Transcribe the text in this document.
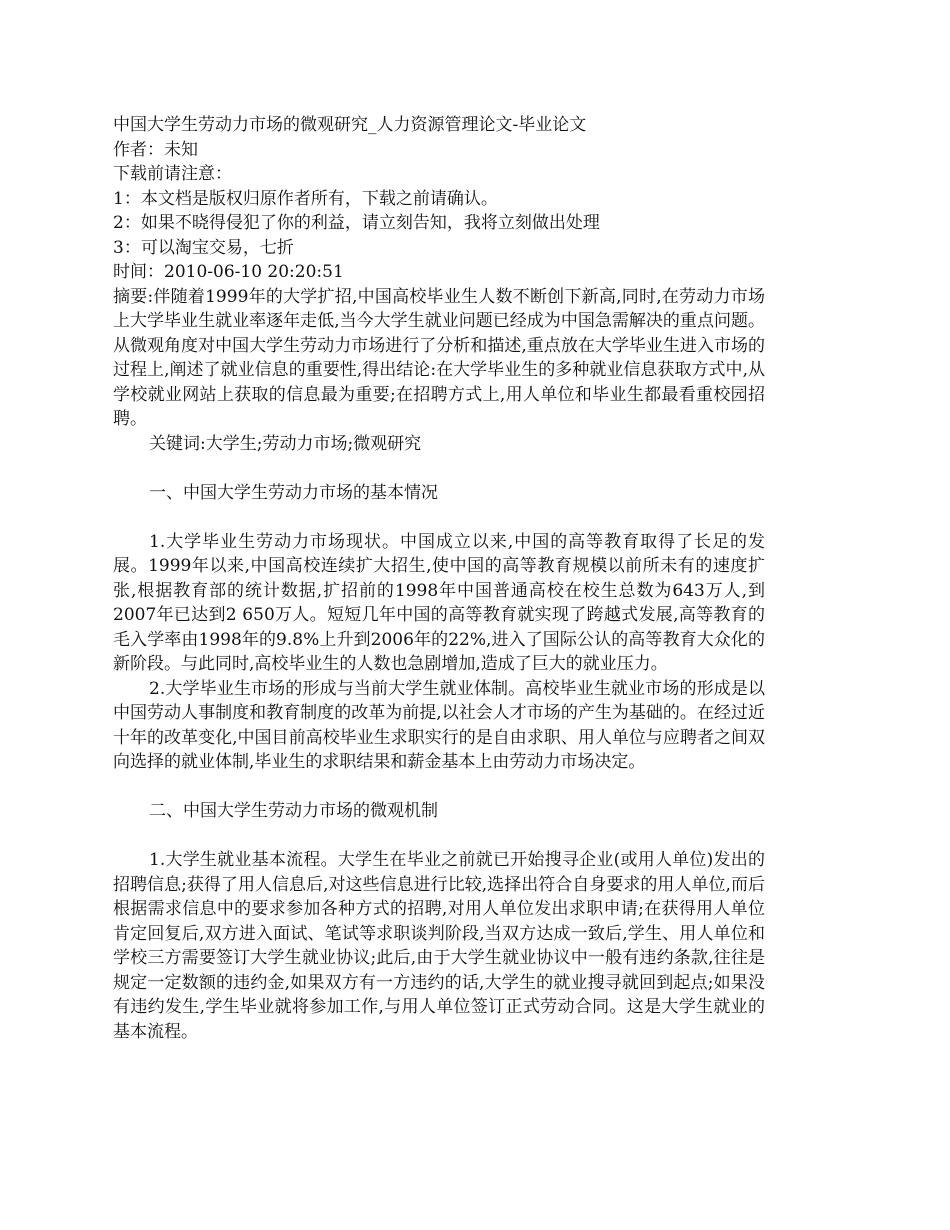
中国大学生劳动力市场的微观研究_人力资源管理论文-毕业论文
作者：未知
下载前请注意：
1：本文档是版权归原作者所有，下载之前请确认。
2：如果不晓得侵犯了你的利益，请立刻告知，我将立刻做出处理
3：可以淘宝交易，七折
时间：2010-06-10 20:20:51
摘要:伴随着1999年的大学扩招,中国高校毕业生人数不断创下新高,同时,在劳动力市场上大学毕业生就业率逐年走低,当今大学生就业问题已经成为中国急需解决的重点问题。从微观角度对中国大学生劳动力市场进行了分析和描述,重点放在大学毕业生进入市场的过程上,阐述了就业信息的重要性,得出结论:在大学毕业生的多种就业信息获取方式中,从学校就业网站上获取的信息最为重要;在招聘方式上,用人单位和毕业生都最看重校园招聘。
关键词:大学生;劳动力市场;微观研究
一、中国大学生劳动力市场的基本情况
1.大学毕业生劳动力市场现状。中国成立以来,中国的高等教育取得了长足的发展。1999年以来,中国高校连续扩大招生,使中国的高等教育规模以前所未有的速度扩张,根据教育部的统计数据,扩招前的1998年中国普通高校在校生总数为643万人,到2007年已达到2 650万人。短短几年中国的高等教育就实现了跨越式发展,高等教育的毛入学率由1998年的9.8%上升到2006年的22%,进入了国际公认的高等教育大众化的新阶段。与此同时,高校毕业生的人数也急剧增加,造成了巨大的就业压力。
2.大学毕业生市场的形成与当前大学生就业体制。高校毕业生就业市场的形成是以中国劳动人事制度和教育制度的改革为前提,以社会人才市场的产生为基础的。在经过近十年的改革变化,中国目前高校毕业生求职实行的是自由求职、用人单位与应聘者之间双向选择的就业体制,毕业生的求职结果和薪金基本上由劳动力市场决定。
二、中国大学生劳动力市场的微观机制
1.大学生就业基本流程。大学生在毕业之前就已开始搜寻企业(或用人单位)发出的招聘信息;获得了用人信息后,对这些信息进行比较,选择出符合自身要求的用人单位,而后根据需求信息中的要求参加各种方式的招聘,对用人单位发出求职申请;在获得用人单位肯定回复后,双方进入面试、笔试等求职谈判阶段,当双方达成一致后,学生、用人单位和学校三方需要签订大学生就业协议;此后,由于大学生就业协议中一般有违约条款,往往是规定一定数额的违约金,如果双方有一方违约的话,大学生的就业搜寻就回到起点;如果没有违约发生,学生毕业就将参加工作,与用人单位签订正式劳动合同。这是大学生就业的基本流程。
